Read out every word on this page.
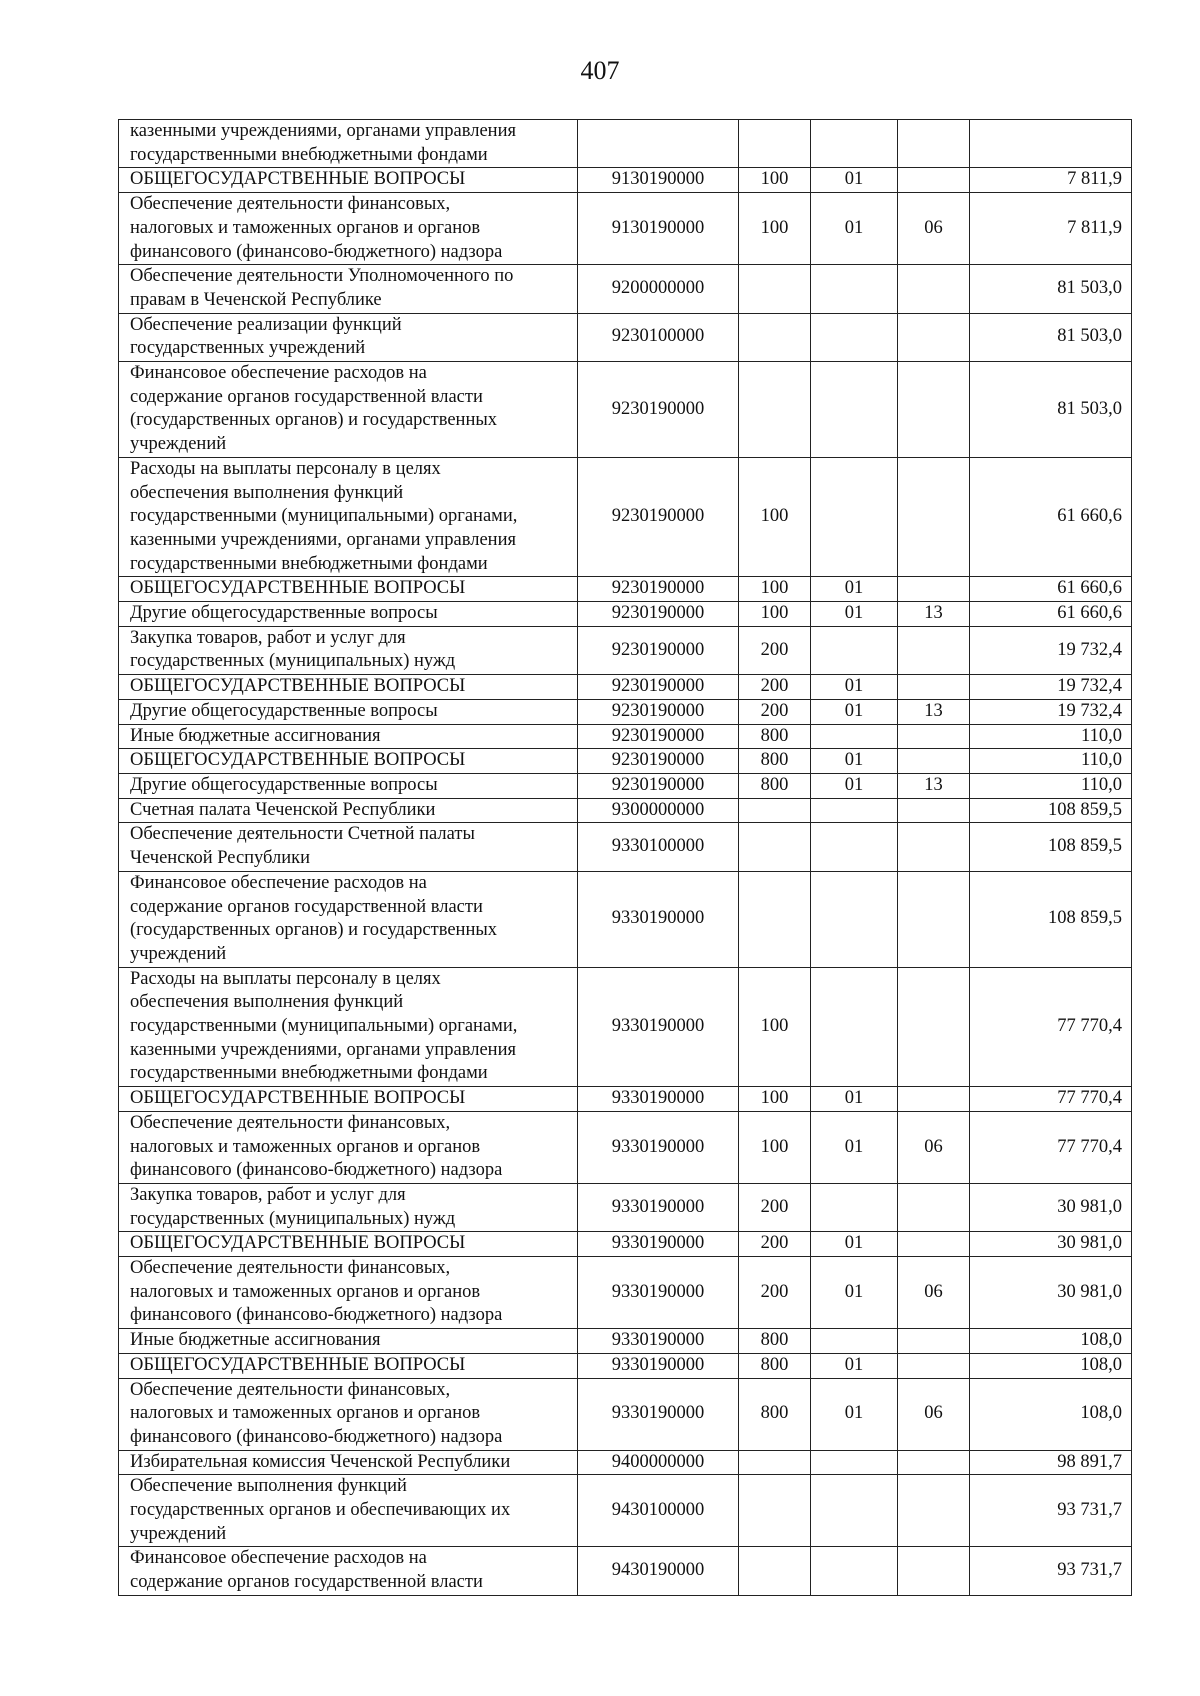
407
казенными учреждениями, органами управления
государственными внебюджетными фондами					

ОБЩЕГОСУДАРСТВЕННЫЕ ВОПРОСЫ	9130190000	100	01		7 811,9

Обеспечение деятельности финансовых,
налоговых и таможенных органов и органов
финансового (финансово-бюджетного) надзора	9130190000	100	01	06	7 811,9

Обеспечение деятельности Уполномоченного по
правам в Чеченской Республике	9200000000				81 503,0

Обеспечение реализации функций
государственных учреждений	9230100000				81 503,0

Финансовое обеспечение расходов на
содержание органов государственной власти
(государственных органов) и государственных
учреждений	9230190000				81 503,0

Расходы на выплаты персоналу в целях
обеспечения выполнения функций
государственными (муниципальными) органами,
казенными учреждениями, органами управления
государственными внебюджетными фондами	9230190000	100			61 660,6

ОБЩЕГОСУДАРСТВЕННЫЕ ВОПРОСЫ	9230190000	100	01		61 660,6

Другие общегосударственные вопросы	9230190000	100	01	13	61 660,6

Закупка товаров, работ и услуг для
государственных (муниципальных) нужд	9230190000	200			19 732,4

ОБЩЕГОСУДАРСТВЕННЫЕ ВОПРОСЫ	9230190000	200	01		19 732,4

Другие общегосударственные вопросы	9230190000	200	01	13	19 732,4

Иные бюджетные ассигнования	9230190000	800			110,0

ОБЩЕГОСУДАРСТВЕННЫЕ ВОПРОСЫ	9230190000	800	01		110,0

Другие общегосударственные вопросы	9230190000	800	01	13	110,0

Счетная палата Чеченской Республики	9300000000				108 859,5

Обеспечение деятельности Счетной палаты
Чеченской Республики	9330100000				108 859,5

Финансовое обеспечение расходов на
содержание органов государственной власти
(государственных органов) и государственных
учреждений	9330190000				108 859,5

Расходы на выплаты персоналу в целях
обеспечения выполнения функций
государственными (муниципальными) органами,
казенными учреждениями, органами управления
государственными внебюджетными фондами	9330190000	100			77 770,4

ОБЩЕГОСУДАРСТВЕННЫЕ ВОПРОСЫ	9330190000	100	01		77 770,4

Обеспечение деятельности финансовых,
налоговых и таможенных органов и органов
финансового (финансово-бюджетного) надзора	9330190000	100	01	06	77 770,4

Закупка товаров, работ и услуг для
государственных (муниципальных) нужд	9330190000	200			30 981,0

ОБЩЕГОСУДАРСТВЕННЫЕ ВОПРОСЫ	9330190000	200	01		30 981,0

Обеспечение деятельности финансовых,
налоговых и таможенных органов и органов
финансового (финансово-бюджетного) надзора	9330190000	200	01	06	30 981,0

Иные бюджетные ассигнования	9330190000	800			108,0

ОБЩЕГОСУДАРСТВЕННЫЕ ВОПРОСЫ	9330190000	800	01		108,0

Обеспечение деятельности финансовых,
налоговых и таможенных органов и органов
финансового (финансово-бюджетного) надзора	9330190000	800	01	06	108,0

Избирательная комиссия Чеченской Республики	9400000000				98 891,7

Обеспечение выполнения функций
государственных органов и обеспечивающих их
учреждений	9430100000				93 731,7

Финансовое обеспечение расходов на
содержание органов государственной власти	9430190000				93 731,7
